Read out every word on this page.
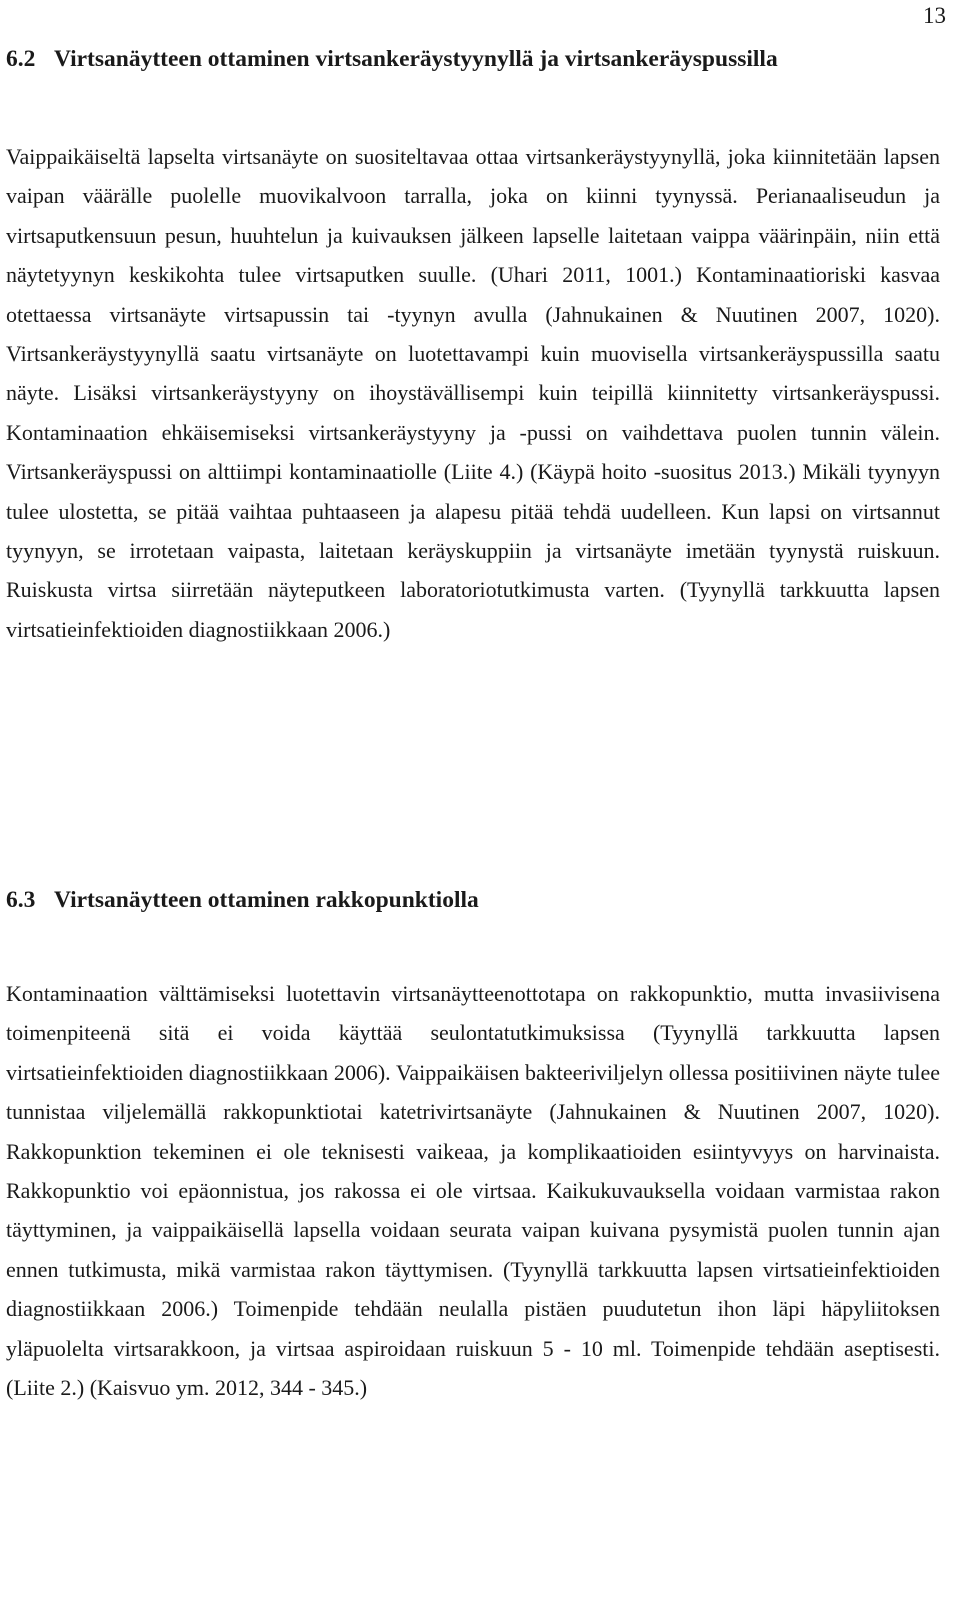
13
6.2 Virtsanäytteen ottaminen virtsankeräystyynyllä ja virtsankeräyspussilla

Vaippaikäiseltä lapselta virtsanäyte on suositeltavaa ottaa virtsankeräystyynyllä, joka kiinnitetään lapsen vaipan väärälle puolelle muovikalvoon tarralla, joka on kiinni tyynyssä. Perianaaliseudun ja virtsaputkensuun pesun, huuhtelun ja kuivauksen jälkeen lapselle laitetaan vaippa väärinpäin, niin että näytetyynyn keskikohta tulee virtsaputken suulle. (Uhari 2011, 1001.) Kontaminaatioriski kasvaa otettaessa virtsanäyte virtsapussin tai -tyynyn avulla (Jahnukainen & Nuutinen 2007, 1020). Virtsankeräystyynyllä saatu virtsanäyte on luotettavampi kuin muovisella virtsankeräyspussilla saatu näyte. Lisäksi virtsankeräystyyny on ihoystävällisempi kuin teipillä kiinnitetty virtsankeräyspussi. Kontaminaation ehkäisemiseksi virtsankeräystyyny ja -pussi on vaihdettava puolen tunnin välein. Virtsankeräyspussi on alttiimpi kontaminaatiolle (Liite 4.) (Käypä hoito -suositus 2013.) Mikäli tyynyyn tulee ulostetta, se pitää vaihtaa puhtaaseen ja alapesu pitää tehdä uudelleen. Kun lapsi on virtsannut tyynyyn, se irrotetaan vaipasta, laitetaan keräyskuppiin ja virtsanäyte imetään tyynystä ruiskuun. Ruiskusta virtsa siirretään näyteputkeen laboratoriotutkimusta varten. (Tyynyllä tarkkuutta lapsen virtsatieinfektioiden diagnostiikkaan 2006.)

6.3 Virtsanäytteen ottaminen rakkopunktiolla

Kontaminaation välttämiseksi luotettavin virtsanäytteenottotapa on rakkopunktio, mutta invasiivisena toimenpiteenä sitä ei voida käyttää seulontatutkimuksissa (Tyynyllä tarkkuutta lapsen virtsatieinfektioiden diagnostiikkaan 2006). Vaippaikäisen bakteeriviljelyn ollessa positiivinen näyte tulee tunnistaa viljelemällä rakkopunktiotai katetrivirtsanäyte (Jahnukainen & Nuutinen 2007, 1020). Rakkopunktion tekeminen ei ole teknisesti vaikeaa, ja komplikaatioiden esiintyvyys on harvinaista. Rakkopunktio voi epäonnistua, jos rakossa ei ole virtsaa. Kaikukuvauksella voidaan varmistaa rakon täyttyminen, ja vaippaikäisellä lapsella voidaan seurata vaipan kuivana pysymistä puolen tunnin ajan ennen tutkimusta, mikä varmistaa rakon täyttymisen. (Tyynyllä tarkkuutta lapsen virtsatieinfektioiden diagnostiikkaan 2006.) Toimenpide tehdään neulalla pistäen puudutetun ihon läpi häpyliitoksen yläpuolelta virtsarakkoon, ja virtsaa aspiroidaan ruiskuun 5 - 10 ml. Toimenpide tehdään aseptisesti. (Liite 2.) (Kaisvuo ym. 2012, 344 - 345.)
